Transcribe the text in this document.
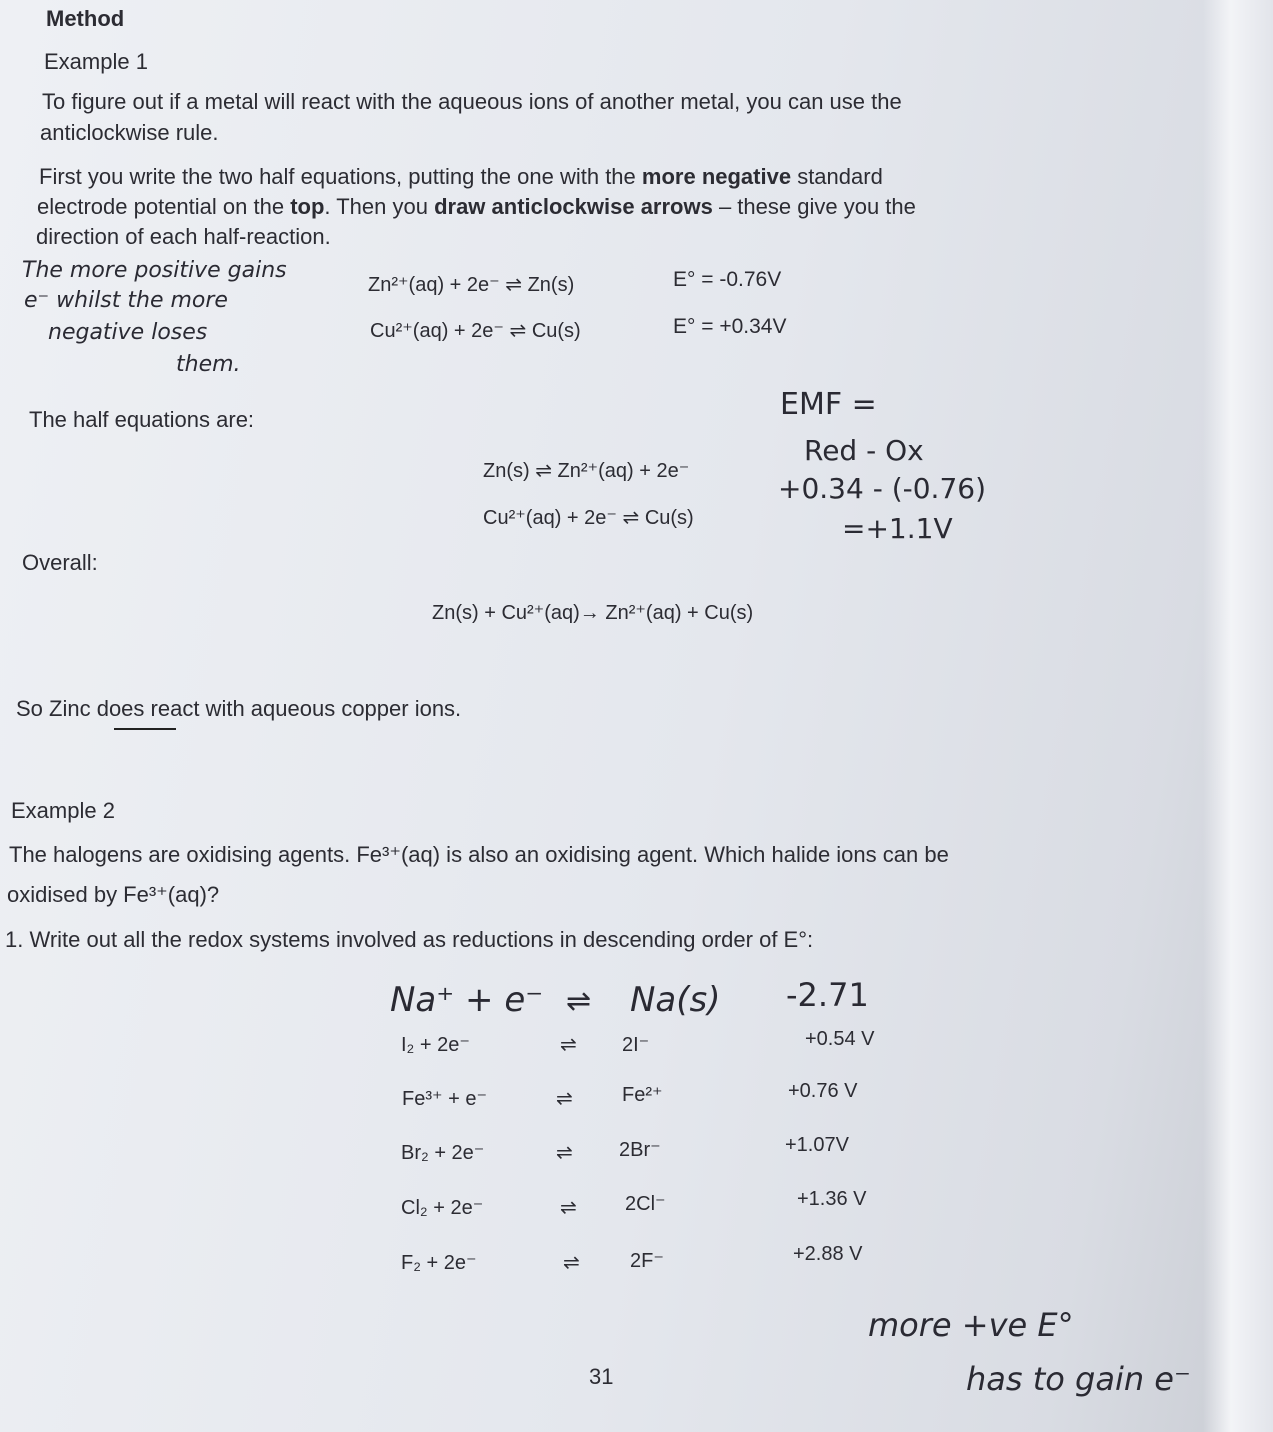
Method
Example 1
To figure out if a metal will react with the aqueous ions of another metal, you can use the
anticlockwise rule.
First you write the two half equations, putting the one with the more negative standard
electrode potential on the top. Then you draw anticlockwise arrows – these give you the
direction of each half-reaction.
The more positive gains
e⁻ whilst the more
negative loses
them.
Zn²⁺(aq) + 2e⁻ ⇌ Zn(s)	E° = -0.76V
Cu²⁺(aq) + 2e⁻ ⇌ Cu(s)	E° = +0.34V
The half equations are:	EMF =
Red - Ox
+0.34 - (-0.76)
=+1.1V
Zn(s) ⇌ Zn²⁺(aq) + 2e⁻
Cu²⁺(aq) + 2e⁻ ⇌ Cu(s)
Overall:
Zn(s) + Cu²⁺(aq)→ Zn²⁺(aq) + Cu(s)
So Zinc does react with aqueous copper ions.
Example 2
The halogens are oxidising agents. Fe³⁺(aq) is also an oxidising agent. Which halide ions can be
oxidised by Fe³⁺(aq)?
1. Write out all the redox systems involved as reductions in descending order of E°:
Na⁺ + e⁻ ⇌ Na(s) -2.71
I₂ + 2e⁻	⇌ 2I⁻	+0.54 V
Fe³⁺ + e⁻	⇌ Fe²⁺	+0.76 V
Br₂ + 2e⁻	⇌ 2Br⁻	+1.07V
Cl₂ + 2e⁻	⇌ 2Cl⁻	+1.36 V
F₂ + 2e⁻	⇌	2F⁻	+2.88 V
more +ve E°
has to gain e⁻
31
